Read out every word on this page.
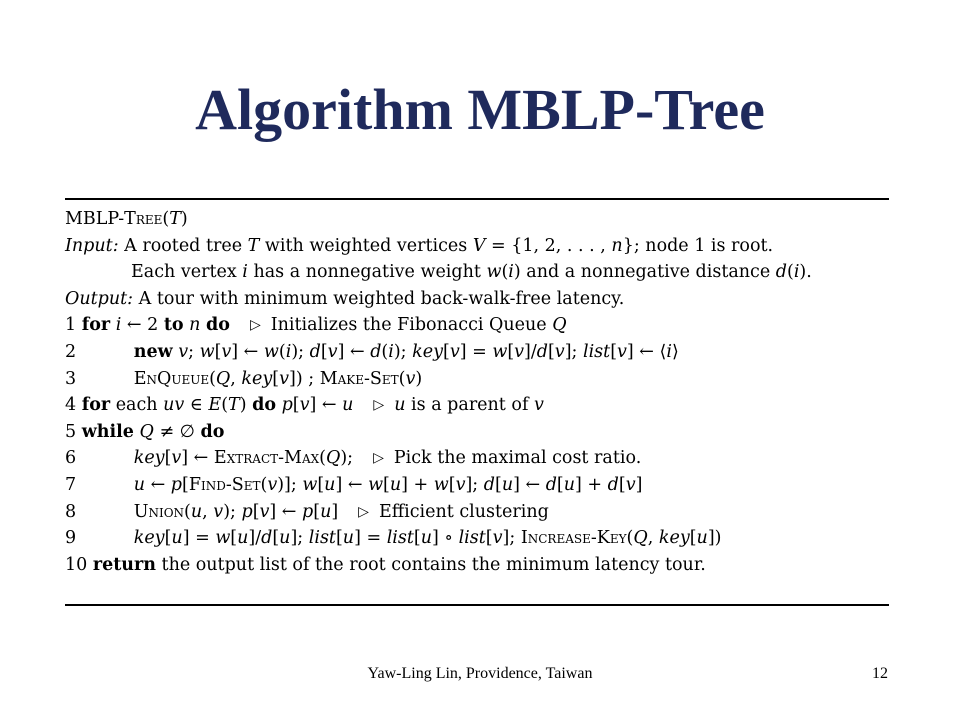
Algorithm MBLP-Tree
MBLP-Tree(T)
Input: A rooted tree T with weighted vertices V = {1, 2, . . . , n}; node 1 is root.
Each vertex i has a nonnegative weight w(i) and a nonnegative distance d(i).
Output: A tour with minimum weighted back-walk-free latency.
1 for i ← 2 to n do ▷ Initializes the Fibonacci Queue Q
2	new v; w[v] ← w(i); d[v] ← d(i); key[v] = w[v]/d[v]; list[v] ← ⟨i⟩
3	EnQueue(Q, key[v]) ; Make-Set(v)
4 for each uv ∈ E(T) do p[v] ← u ▷ u is a parent of v
5 while Q ≠ ∅ do
6	key[v] ← Extract-Max(Q); ▷ Pick the maximal cost ratio.
7	u ← p[Find-Set(v)]; w[u] ← w[u] + w[v]; d[u] ← d[u] + d[v]
8	Union(u, v); p[v] ← p[u] ▷ Efficient clustering
9	key[u] = w[u]/d[u]; list[u] = list[u] ∘ list[v]; Increase-Key(Q, key[u])
10 return the output list of the root contains the minimum latency tour.
Yaw-Ling Lin, Providence, Taiwan	12
